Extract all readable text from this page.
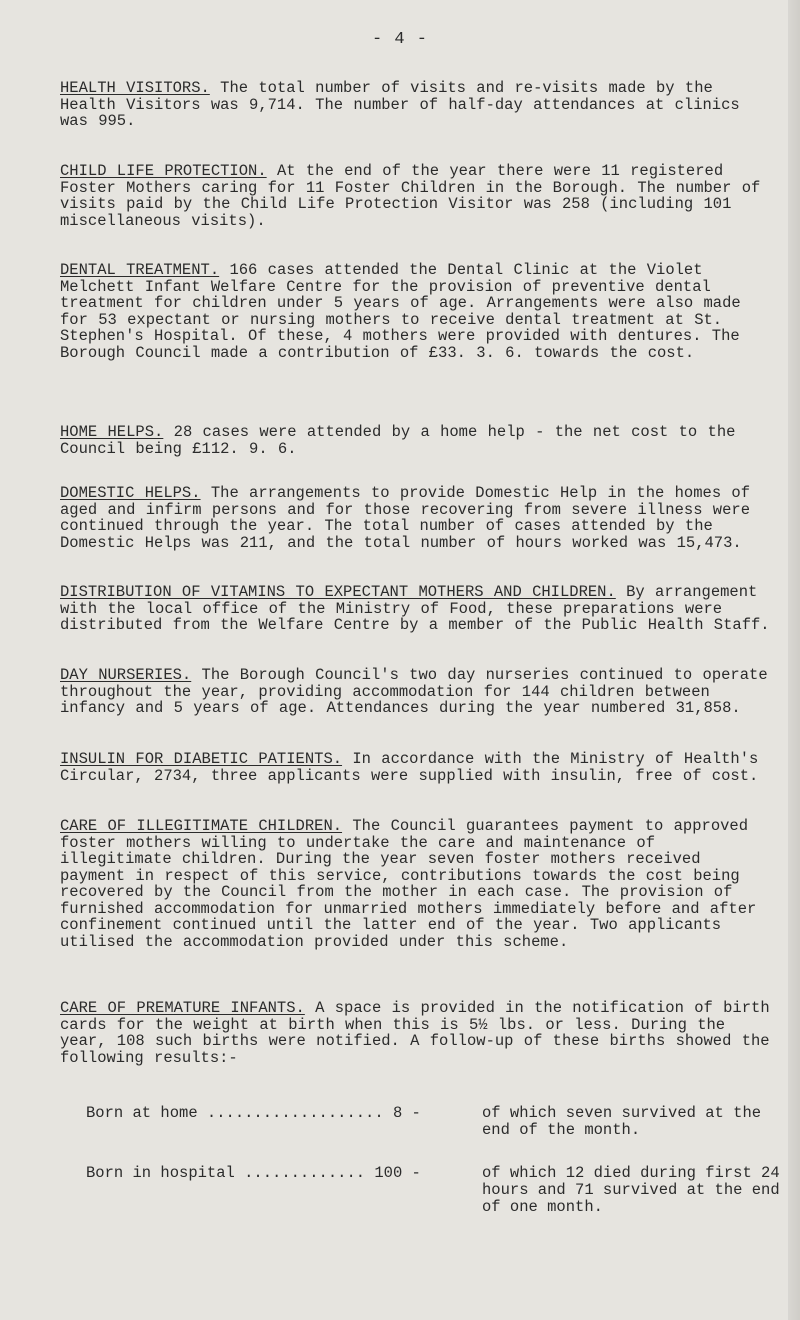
- 4 -

HEALTH VISITORS. The total number of visits and re-visits made by the Health Visitors was 9,714. The number of half-day attendances at clinics was 995.

CHILD LIFE PROTECTION. At the end of the year there were 11 registered Foster Mothers caring for 11 Foster Children in the Borough. The number of visits paid by the Child Life Protection Visitor was 258 (including 101 miscellaneous visits).

DENTAL TREATMENT. 166 cases attended the Dental Clinic at the Violet Melchett Infant Welfare Centre for the provision of preventive dental treatment for children under 5 years of age. Arrangements were also made for 53 expectant or nursing mothers to receive dental treatment at St. Stephen's Hospital. Of these, 4 mothers were provided with dentures. The Borough Council made a contribution of £33. 3. 6. towards the cost.

HOME HELPS. 28 cases were attended by a home help - the net cost to the Council being £112. 9. 6.

DOMESTIC HELPS. The arrangements to provide Domestic Help in the homes of aged and infirm persons and for those recovering from severe illness were continued through the year. The total number of cases attended by the Domestic Helps was 211, and the total number of hours worked was 15,473.

DISTRIBUTION OF VITAMINS TO EXPECTANT MOTHERS AND CHILDREN. By arrangement with the local office of the Ministry of Food, these preparations were distributed from the Welfare Centre by a member of the Public Health Staff.

DAY NURSERIES. The Borough Council's two day nurseries continued to operate throughout the year, providing accommodation for 144 children between infancy and 5 years of age. Attendances during the year numbered 31,858.

INSULIN FOR DIABETIC PATIENTS. In accordance with the Ministry of Health's Circular, 2734, three applicants were supplied with insulin, free of cost.

CARE OF ILLEGITIMATE CHILDREN. The Council guarantees payment to approved foster mothers willing to undertake the care and maintenance of illegitimate children. During the year seven foster mothers received payment in respect of this service, contributions towards the cost being recovered by the Council from the mother in each case. The provision of furnished accommodation for unmarried mothers immediately before and after confinement continued until the latter end of the year. Two applicants utilised the accommodation provided under this scheme.

CARE OF PREMATURE INFANTS. A space is provided in the notification of birth cards for the weight at birth when this is 5½ lbs. or less. During the year, 108 such births were notified. A follow-up of these births showed the following results:-

Born at home ................... 8 -	of which seven survived at the end of the month.
Born in hospital ............. 100 -	of which 12 died during first 24 hours and 71 survived at the end of one month.
